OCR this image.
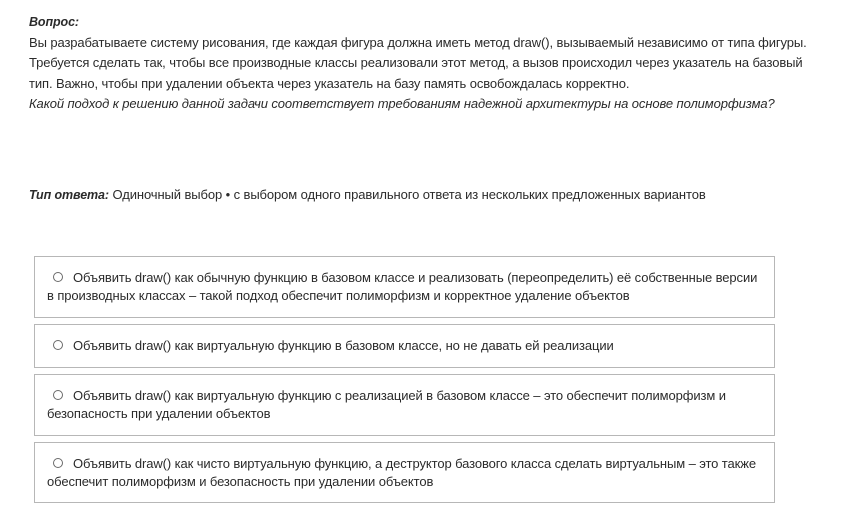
Вопрос:
Вы разрабатываете систему рисования, где каждая фигура должна иметь метод draw(), вызываемый независимо от типа фигуры. Требуется сделать так, чтобы все производные классы реализовали этот метод, а вызов происходил через указатель на базовый тип. Важно, чтобы при удалении объекта через указатель на базу память освобождалась корректно.
Какой подход к решению данной задачи соответствует требованиям надежной архитектуры на основе полиморфизма?
Тип ответа: Одиночный выбор • с выбором одного правильного ответа из нескольких предложенных вариантов
Объявить draw() как обычную функцию в базовом классе и реализовать (переопределить) её собственные версии в производных классах – такой подход обеспечит полиморфизм и корректное удаление объектов
Объявить draw() как виртуальную функцию в базовом классе, но не давать ей реализации
Объявить draw() как виртуальную функцию с реализацией в базовом классе – это обеспечит полиморфизм и безопасность при удалении объектов
Объявить draw() как чисто виртуальную функцию, а деструктор базового класса сделать виртуальным – это также обеспечит полиморфизм и безопасность при удалении объектов
